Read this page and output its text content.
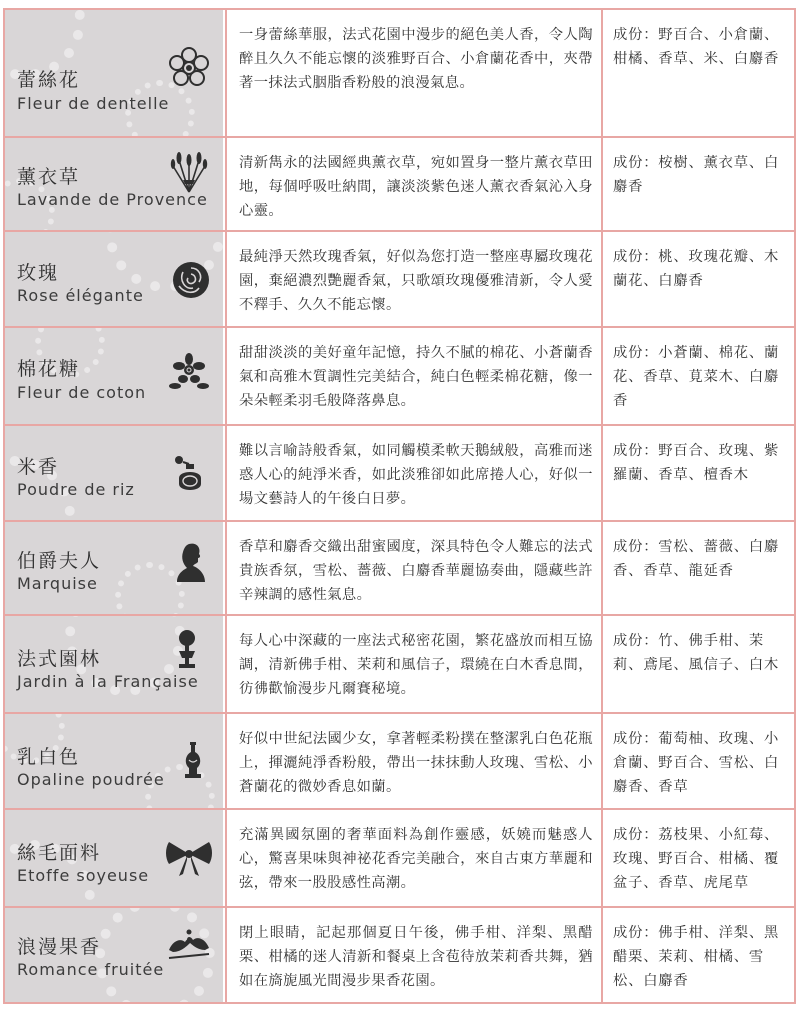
蕾絲花
Fleur de dentelle
一身蕾絲華服，法式花園中漫步的絕色美人香，令人陶醉且久久不能忘懷的淡雅野百合、小倉蘭花香中，夾帶著一抹法式胭脂香粉般的浪漫氣息。
成份：野百合、小倉蘭、柑橘、香草、米、白麝香
薰衣草
Lavande de Provence
清新雋永的法國經典薰衣草，宛如置身一整片薰衣草田地，每個呼吸吐納間，讓淡淡紫色迷人薰衣香氣沁入身心靈。
成份：桉樹、薰衣草、白麝香
玫瑰
Rose élégante
最純淨天然玫瑰香氣，好似為您打造一整座專屬玫瑰花園，棄絕濃烈艷麗香氣，只歌頌玫瑰優雅清新，令人愛不釋手、久久不能忘懷。
成份：桃、玫瑰花瓣、木蘭花、白麝香
棉花糖
Fleur de coton
甜甜淡淡的美好童年記憶，持久不膩的棉花、小蒼蘭香氣和高雅木質調性完美結合，純白色輕柔棉花糖，像一朵朵輕柔羽毛般降落鼻息。
成份：小蒼蘭、棉花、蘭花、香草、莧菜木、白麝香
米香
Poudre de riz
難以言喻詩般香氣，如同觸模柔軟天鵝絨般，高雅而迷惑人心的純淨米香，如此淡雅卻如此席捲人心，好似一場文藝詩人的午後白日夢。
成份：野百合、玫瑰、紫羅蘭、香草、檀香木
伯爵夫人
Marquise
香草和麝香交織出甜蜜國度，深具特色令人難忘的法式貴族香氛，雪松、薔薇、白麝香華麗協奏曲，隱藏些許辛辣調的感性氣息。
成份：雪松、薔薇、白麝香、香草、龍延香
法式園林
Jardin à la Française
每人心中深藏的一座法式秘密花園，繁花盛放而相互協調，清新佛手柑、茉莉和風信子，環繞在白木香息間，彷彿歡愉漫步凡爾賽秘境。
成份：竹、佛手柑、茉莉、鳶尾、風信子、白木
乳白色
Opaline poudrée
好似中世紀法國少女，拿著輕柔粉撲在整潔乳白色花瓶上，揮灑純淨香粉般，帶出一抹抹動人玫瑰、雪松、小蒼蘭花的微妙香息如蘭。
成份：葡萄柚、玫瑰、小倉蘭、野百合、雪松、白麝香、香草
絲毛面料
Etoffe soyeuse
充滿異國氛圍的奢華面料為創作靈感，妖嬈而魅惑人心，驚喜果味與神祕花香完美融合，來自古東方華麗和弦，帶來一股股感性高潮。
成份：荔枝果、小紅莓、玫瑰、野百合、柑橘、覆盆子、香草、虎尾草
浪漫果香
Romance fruitée
閉上眼睛，記起那個夏日午後，佛手柑、洋梨、黑醋栗、柑橘的迷人清新和餐桌上含苞待放茉莉香共舞，猶如在旖旎風光間漫步果香花園。
成份：佛手柑、洋梨、黑醋栗、茉莉、柑橘、雪松、白麝香
